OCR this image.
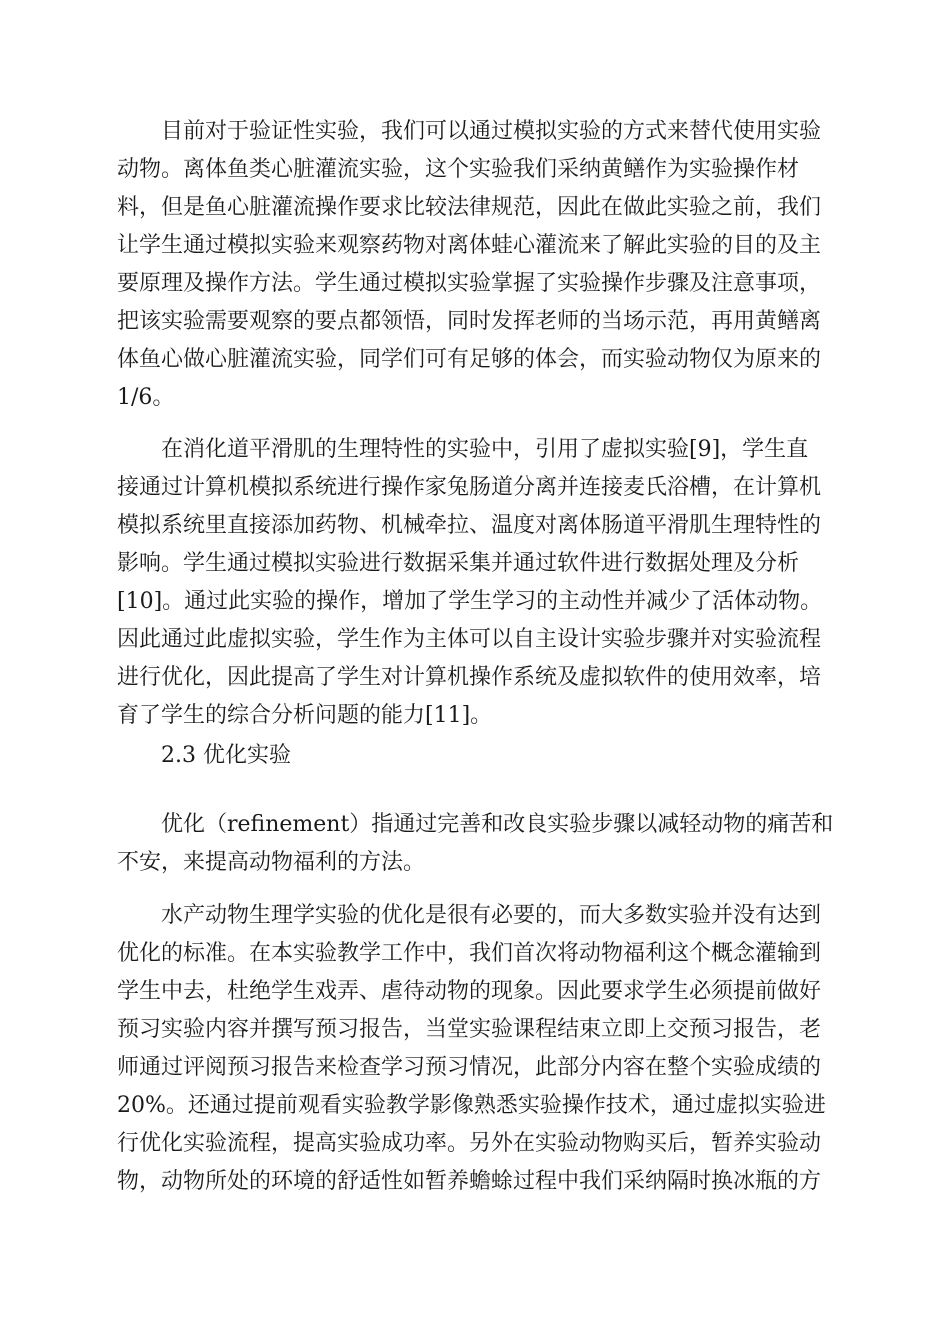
目前对于验证性实验，我们可以通过模拟实验的方式来替代使用实验
动物。离体鱼类心脏灌流实验，这个实验我们采纳黄鳝作为实验操作材
料，但是鱼心脏灌流操作要求比较法律规范，因此在做此实验之前，我们
让学生通过模拟实验来观察药物对离体蛙心灌流来了解此实验的目的及主
要原理及操作方法。学生通过模拟实验掌握了实验操作步骤及注意事项，
把该实验需要观察的要点都领悟，同时发挥老师的当场示范，再用黄鳝离
体鱼心做心脏灌流实验，同学们可有足够的体会，而实验动物仅为原来的
1/6。
在消化道平滑肌的生理特性的实验中，引用了虚拟实验[9]，学生直
接通过计算机模拟系统进行操作家兔肠道分离并连接麦氏浴槽，在计算机
模拟系统里直接添加药物、机械牵拉、温度对离体肠道平滑肌生理特性的
影响。学生通过模拟实验进行数据采集并通过软件进行数据处理及分析
[10]。通过此实验的操作，增加了学生学习的主动性并减少了活体动物。
因此通过此虚拟实验，学生作为主体可以自主设计实验步骤并对实验流程
进行优化，因此提高了学生对计算机操作系统及虚拟软件的使用效率，培
育了学生的综合分析问题的能力[11]。

2.3 优化实验

优化（refinement）指通过完善和改良实验步骤以减轻动物的痛苦和
不安，来提高动物福利的方法。
水产动物生理学实验的优化是很有必要的，而大多数实验并没有达到
优化的标准。在本实验教学工作中，我们首次将动物福利这个概念灌输到
学生中去，杜绝学生戏弄、虐待动物的现象。因此要求学生必须提前做好
预习实验内容并撰写预习报告，当堂实验课程结束立即上交预习报告，老
师通过评阅预习报告来检查学习预习情况，此部分内容在整个实验成绩的
20%。还通过提前观看实验教学影像熟悉实验操作技术，通过虚拟实验进
行优化实验流程，提高实验成功率。另外在实验动物购买后，暂养实验动
物，动物所处的环境的舒适性如暂养蟾蜍过程中我们采纳隔时换冰瓶的方
